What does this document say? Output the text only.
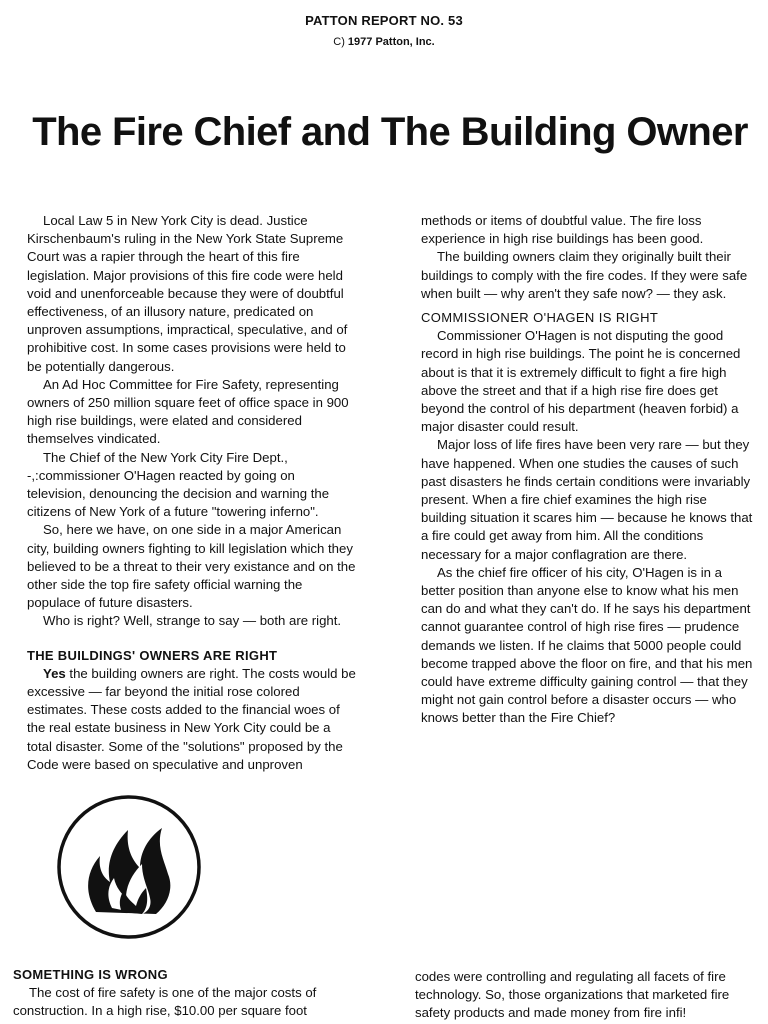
PATTON REPORT NO. 53
C) 1977 Patton, Inc.
The Fire Chief and The Building Owner

Local Law 5 in New York City is dead. Justice Kirschenbaum's ruling in the New York State Supreme Court was a rapier through the heart of this fire legislation. Major provisions of this fire code were held void and unenforceable because they were of doubtful effectiveness, of an illusory nature, predicated on unproven assumptions, impractical, speculative, and of prohibitive cost. In some cases provisions were held to be potentially dangerous.

An Ad Hoc Committee for Fire Safety, representing owners of 250 million square feet of office space in 900 high rise buildings, were elated and considered themselves vindicated.

The Chief of the New York City Fire Dept., -,:commissioner O'Hagen reacted by going on television, denouncing the decision and warning the citizens of New York of a future "towering inferno".

So, here we have, on one side in a major American city, building owners fighting to kill legislation which they believed to be a threat to their very existance and on the other side the top fire safety official warning the populace of future disasters.

Who is right? Well, strange to say — both are right.

THE BUILDINGS' OWNERS ARE RIGHT

Yes the building owners are right. The costs would be excessive — far beyond the initial rose colored estimates. These costs added to the financial woes of the real estate business in New York City could be a total disaster. Some of the "solutions" proposed by the Code were based on speculative and unproven

methods or items of doubtful value. The fire loss experience in high rise buildings has been good.

The building owners claim they originally built their buildings to comply with the fire codes. If they were safe when built — why aren't they safe now? — they ask.

COMMISSIONER O'HAGEN IS RIGHT

Commissioner O'Hagen is not disputing the good record in high rise buildings. The point he is concerned about is that it is extremely difficult to fight a fire high above the street and that if a high rise fire does get beyond the control of his department (heaven forbid) a major disaster could result.

Major loss of life fires have been very rare — but they have happened. When one studies the causes of such past disasters he finds certain conditions were invariably present. When a fire chief examines the high rise building situation it scares him — because he knows that a fire could get away from him. All the conditions necessary for a major conflagration are there.

As the chief fire officer of his city, O'Hagen is in a better position than anyone else to know what his men can do and what they can't do. If he says his department cannot guarantee control of high rise fires — prudence demands we listen. If he claims that 5000 people could become trapped above the floor on fire, and that his men could have extreme difficulty gaining control — that they might not gain control before a disaster occurs — who knows better than the Fire Chief?

SOMETHING IS WRONG

The cost of fire safety is one of the major costs of construction. In a high rise, $10.00 per square foot

codes were controlling and regulating all facets of fire technology. So, those organizations that marketed fire safety products and made money from fire infi!
